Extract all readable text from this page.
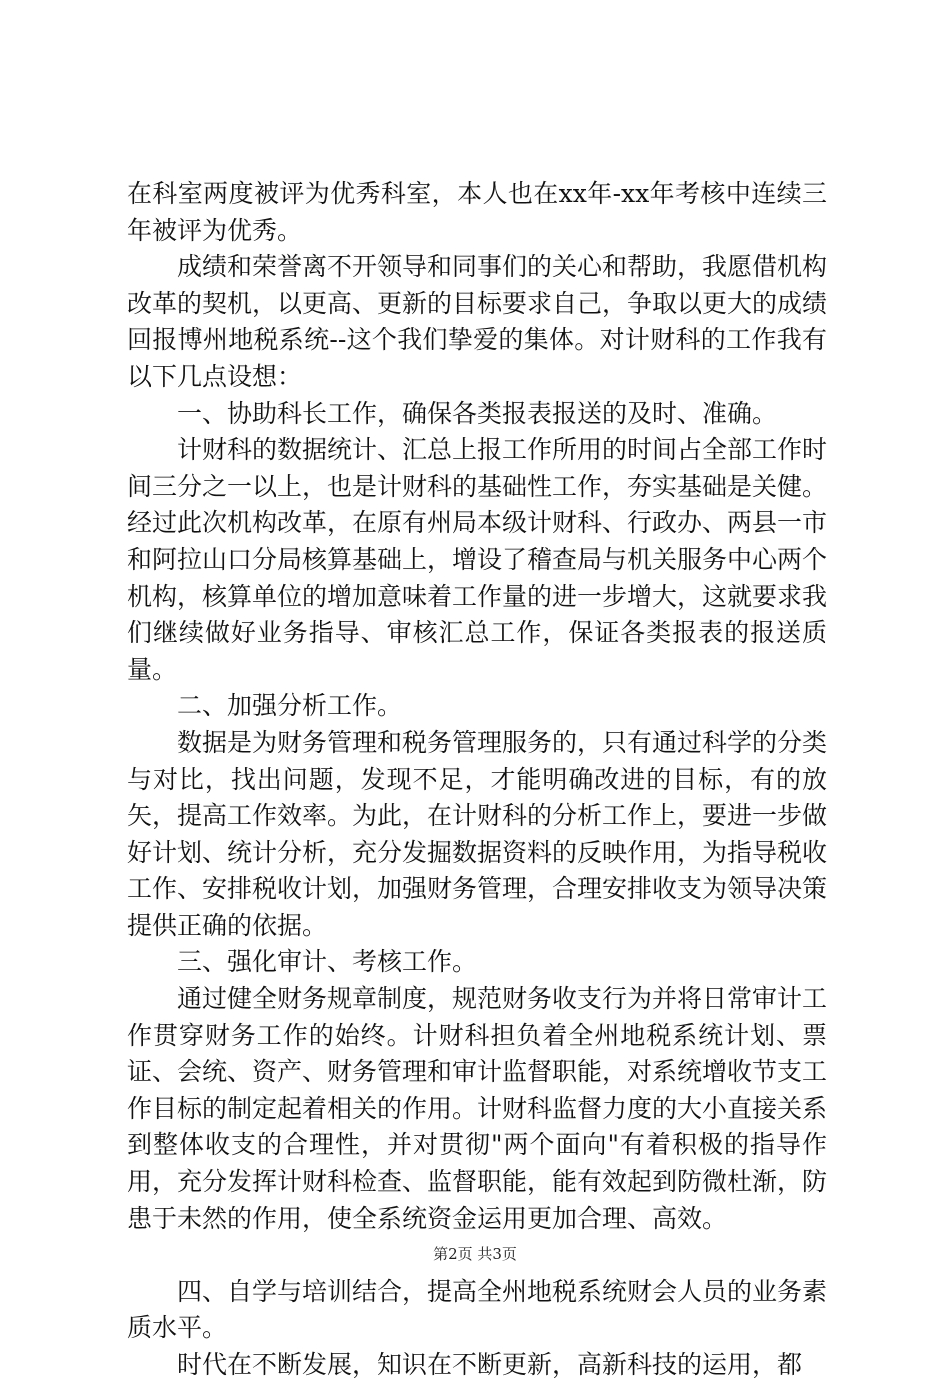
在科室两度被评为优秀科室，本人也在xx年-xx年考核中连续三年被评为优秀。

成绩和荣誉离不开领导和同事们的关心和帮助，我愿借机构改革的契机，以更高、更新的目标要求自己，争取以更大的成绩回报博州地税系统--这个我们挚爱的集体。对计财科的工作我有以下几点设想：

一、协助科长工作，确保各类报表报送的及时、准确。

计财科的数据统计、汇总上报工作所用的时间占全部工作时间三分之一以上，也是计财科的基础性工作，夯实基础是关健。经过此次机构改革，在原有州局本级计财科、行政办、两县一市和阿拉山口分局核算基础上，增设了稽查局与机关服务中心两个机构，核算单位的增加意味着工作量的进一步增大，这就要求我们继续做好业务指导、审核汇总工作，保证各类报表的报送质量。

二、加强分析工作。

数据是为财务管理和税务管理服务的，只有通过科学的分类与对比，找出问题，发现不足，才能明确改进的目标，有的放矢，提高工作效率。为此，在计财科的分析工作上，要进一步做好计划、统计分析，充分发掘数据资料的反映作用，为指导税收工作、安排税收计划，加强财务管理，合理安排收支为领导决策提供正确的依据。

三、强化审计、考核工作。

通过健全财务规章制度，规范财务收支行为并将日常审计工作贯穿财务工作的始终。计财科担负着全州地税系统计划、票证、会统、资产、财务管理和审计监督职能，对系统增收节支工作目标的制定起着相关的作用。计财科监督力度的大小直接关系到整体收支的合理性，并对贯彻"两个面向"有着积极的指导作用，充分发挥计财科检查、监督职能，能有效起到防微杜渐，防患于未然的作用，使全系统资金运用更加合理、高效。

四、自学与培训结合，提高全州地税系统财会人员的业务素质水平。

时代在不断发展，知识在不断更新，高新科技的运用，都

第2页 共3页
